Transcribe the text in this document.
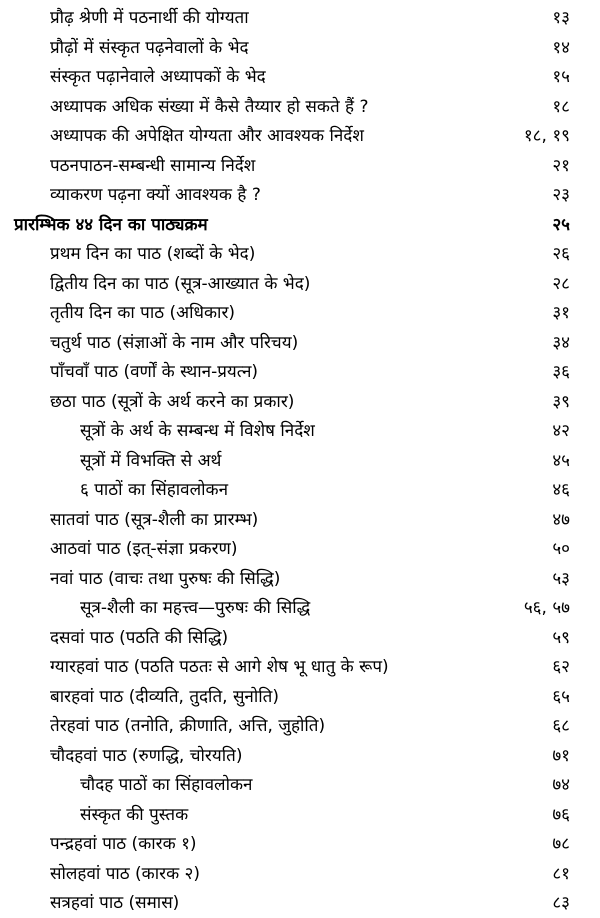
प्रौढ़ श्रेणी में पठनार्थी की योग्यता	१३
प्रौढ़ों में संस्कृत पढ़नेवालों के भेद	१४
संस्कृत पढ़ानेवाले अध्यापकों के भेद	१५
अध्यापक अधिक संख्या में कैसे तैय्यार हो सकते हैं ?	१८
अध्यापक की अपेक्षित योग्यता और आवश्यक निर्देश	१८, १९
पठनपाठन-सम्बन्धी सामान्य निर्देश	२१
व्याकरण पढ़ना क्यों आवश्यक है ?	२३
प्रारम्भिक ४४ दिन का पाठ्यक्रम	२५
प्रथम दिन का पाठ (शब्दों के भेद)	२६
द्वितीय दिन का पाठ (सूत्र-आख्यात के भेद)	२८
तृतीय दिन का पाठ (अधिकार)	३१
चतुर्थ पाठ (संज्ञाओं के नाम और परिचय)	३४
पाँचवाँ पाठ (वर्णों के स्थान-प्रयत्न)	३६
छठा पाठ (सूत्रों के अर्थ करने का प्रकार)	३९
सूत्रों के अर्थ के सम्बन्ध में विशेष निर्देश	४२
सूत्रों में विभक्ति से अर्थ	४५
६ पाठों का सिंहावलोकन	४६
सातवां पाठ (सूत्र-शैली का प्रारम्भ)	४७
आठवां पाठ (इत्-संज्ञा प्रकरण)	५०
नवां पाठ (वाचः तथा पुरुषः की सिद्धि)	५३
सूत्र-शैली का महत्त्व—पुरुषः की सिद्धि	५६, ५७
दसवां पाठ (पठति की सिद्धि)	५९
ग्यारहवां पाठ (पठति पठतः से आगे शेष भू धातु के रूप)	६२
बारहवां पाठ (दीव्यति, तुदति, सुनोति)	६५
तेरहवां पाठ (तनोति, क्रीणाति, अत्ति, जुहोति)	६८
चौदहवां पाठ (रुणद्धि, चोरयति)	७१
चौदह पाठों का सिंहावलोकन	७४
संस्कृत की पुस्तक	७६
पन्द्रहवां पाठ (कारक १)	७८
सोलहवां पाठ (कारक २)	८१
सत्रहवां पाठ (समास)	८३
